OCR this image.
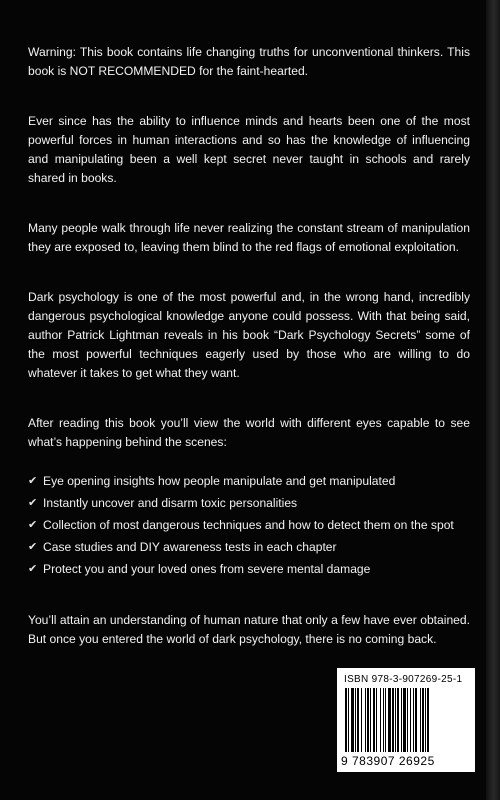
Warning: This book contains life changing truths for unconventional thinkers. This book is NOT RECOMMENDED for the faint-hearted.

Ever since has the ability to influence minds and hearts been one of the most powerful forces in human interactions and so has the knowledge of influencing and manipulating been a well kept secret never taught in schools and rarely shared in books.

Many people walk through life never realizing the constant stream of manipulation they are exposed to, leaving them blind to the red flags of emotional exploitation.

Dark psychology is one of the most powerful and, in the wrong hand, incredibly dangerous psychological knowledge anyone could possess. With that being said, author Patrick Lightman reveals in his book “Dark Psychology Secrets” some of the most powerful techniques eagerly used by those who are willing to do whatever it takes to get what they want.

After reading this book you’ll view the world with different eyes capable to see what’s happening behind the scenes:

✔ Eye opening insights how people manipulate and get manipulated
✔ Instantly uncover and disarm toxic personalities
✔ Collection of most dangerous techniques and how to detect them on the spot
✔ Case studies and DIY awareness tests in each chapter
✔ Protect you and your loved ones from severe mental damage

You’ll attain an understanding of human nature that only a few have ever obtained. But once you entered the world of dark psychology, there is no coming back.

ISBN 978-3-907269-25-1
9 783907 26925
